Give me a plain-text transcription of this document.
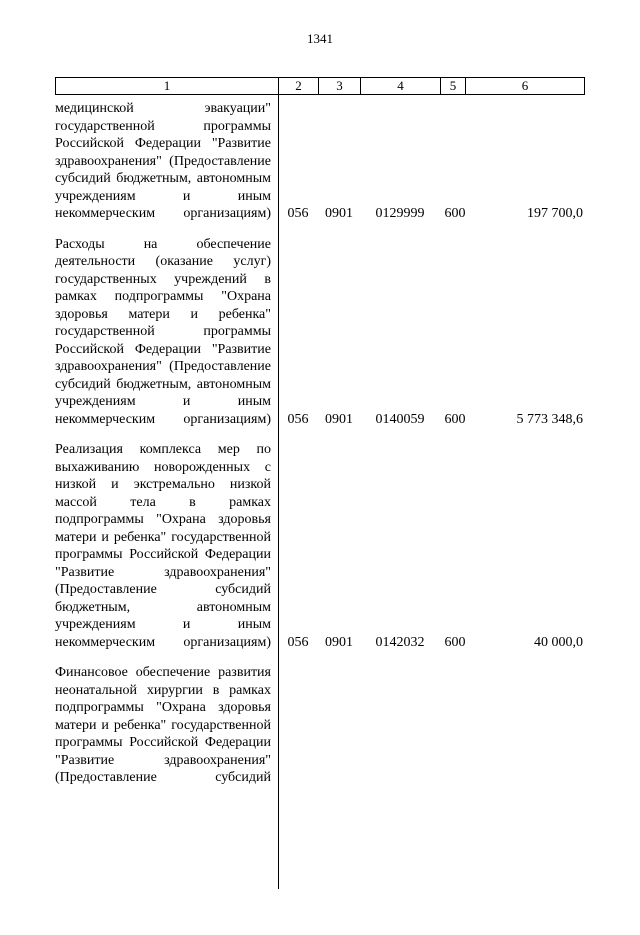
1341
1	2	3	4	5	6
медицинской эвакуации" государственной программы Российской Федерации "Развитие здравоохранения" (Предоставление субсидий бюджетным, автономным учреждениям и иным некоммерческим организациям)	056	0901	0129999	600	197 700,0
Расходы на обеспечение деятельности (оказание услуг) государственных учреждений в рамках подпрограммы "Охрана здоровья матери и ребенка" государственной программы Российской Федерации "Развитие здравоохранения" (Предоставление субсидий бюджетным, автономным учреждениям и иным некоммерческим организациям)	056	0901	0140059	600	5 773 348,6
Реализация комплекса мер по выхаживанию новорожденных с низкой и экстремально низкой массой тела в рамках подпрограммы "Охрана здоровья матери и ребенка" государственной программы Российской Федерации "Развитие здравоохранения" (Предоставление субсидий бюджетным, автономным учреждениям и иным некоммерческим организациям)	056	0901	0142032	600	40 000,0
Финансовое обеспечение развития неонатальной хирургии в рамках подпрограммы "Охрана здоровья матери и ребенка" государственной программы Российской Федерации "Развитие здравоохранения" (Предоставление субсидий
